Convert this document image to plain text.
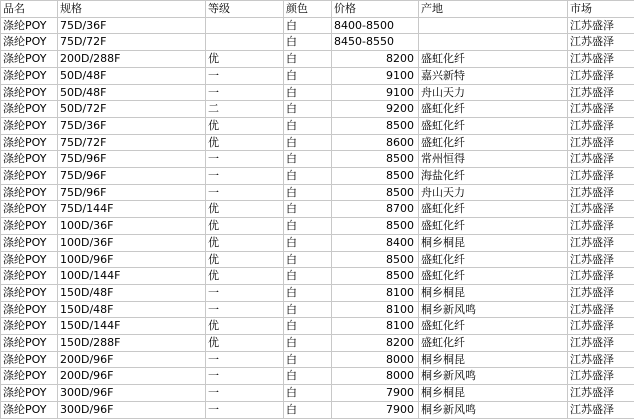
品名	规格	等级	颜色	价格	产地	市场
涤纶POY	75D/36F		白	8400-8500		江苏盛泽
涤纶POY	75D/72F		白	8450-8550		江苏盛泽
涤纶POY	200D/288F	优	白	8200	盛虹化纤	江苏盛泽
涤纶POY	50D/48F	一	白	9100	嘉兴新特	江苏盛泽
涤纶POY	50D/48F	一	白	9100	舟山天力	江苏盛泽
涤纶POY	50D/72F	二	白	9200	盛虹化纤	江苏盛泽
涤纶POY	75D/36F	优	白	8500	盛虹化纤	江苏盛泽
涤纶POY	75D/72F	优	白	8600	盛虹化纤	江苏盛泽
涤纶POY	75D/96F	一	白	8500	常州恒得	江苏盛泽
涤纶POY	75D/96F	一	白	8500	海盐化纤	江苏盛泽
涤纶POY	75D/96F	一	白	8500	舟山天力	江苏盛泽
涤纶POY	75D/144F	优	白	8700	盛虹化纤	江苏盛泽
涤纶POY	100D/36F	优	白	8500	盛虹化纤	江苏盛泽
涤纶POY	100D/36F	优	白	8400	桐乡桐昆	江苏盛泽
涤纶POY	100D/96F	优	白	8500	盛虹化纤	江苏盛泽
涤纶POY	100D/144F	优	白	8500	盛虹化纤	江苏盛泽
涤纶POY	150D/48F	一	白	8100	桐乡桐昆	江苏盛泽
涤纶POY	150D/48F	一	白	8100	桐乡新风鸣	江苏盛泽
涤纶POY	150D/144F	优	白	8100	盛虹化纤	江苏盛泽
涤纶POY	150D/288F	优	白	8200	盛虹化纤	江苏盛泽
涤纶POY	200D/96F	一	白	8000	桐乡桐昆	江苏盛泽
涤纶POY	200D/96F	一	白	8000	桐乡新风鸣	江苏盛泽
涤纶POY	300D/96F	一	白	7900	桐乡桐昆	江苏盛泽
涤纶POY	300D/96F	一	白	7900	桐乡新风鸣	江苏盛泽
